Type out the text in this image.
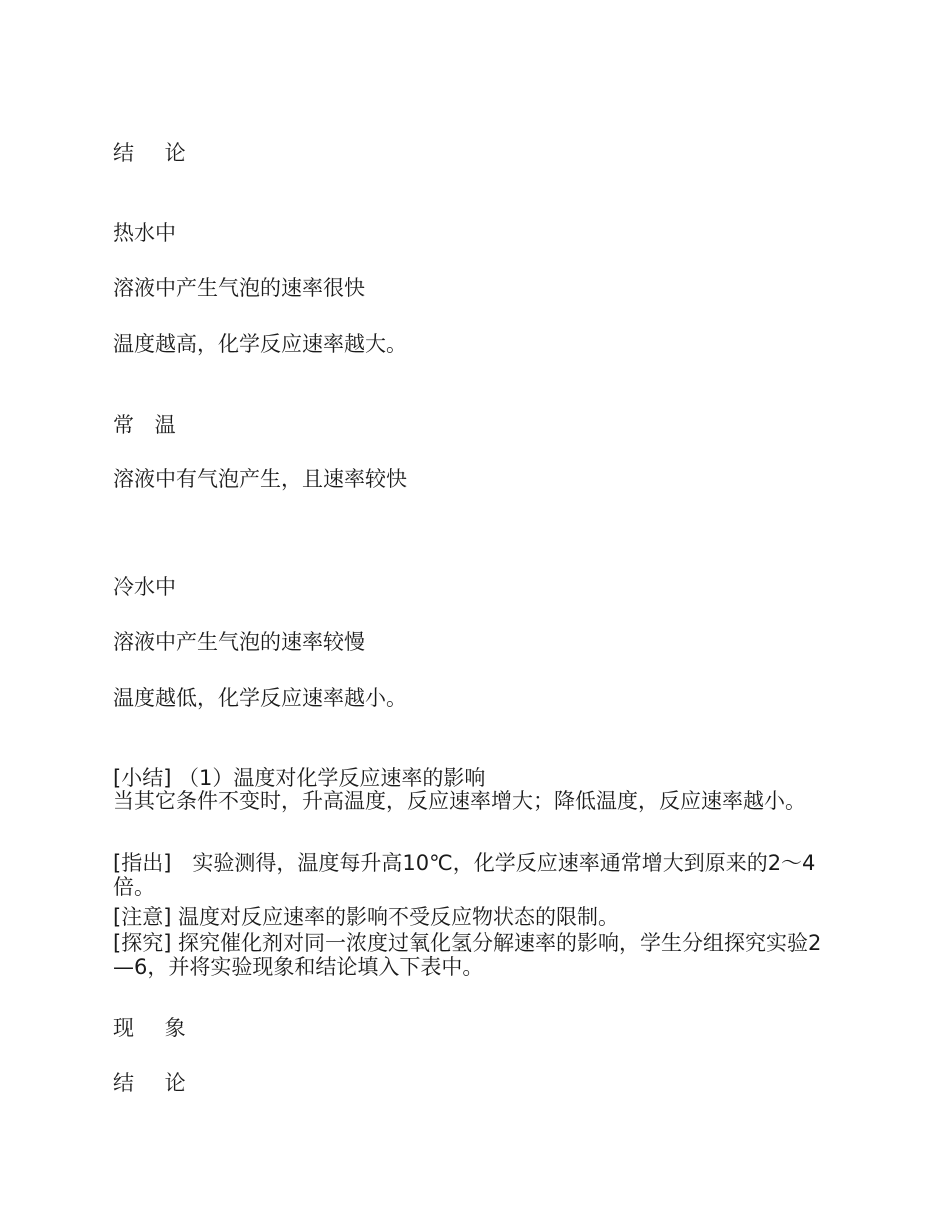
结 论
热水中
溶液中产生气泡的速率很快
温度越高，化学反应速率越大。
常 温
溶液中有气泡产生，且速率较快
冷水中
溶液中产生气泡的速率较慢
温度越低，化学反应速率越小。
[小结] （1）温度对化学反应速率的影响
当其它条件不变时，升高温度，反应速率增大；降低温度，反应速率越小。
[指出]　实验测得，温度每升高10℃，化学反应速率通常增大到原来的2～4倍。
[注意] 温度对反应速率的影响不受反应物状态的限制。
[探究] 探究催化剂对同一浓度过氧化氢分解速率的影响，学生分组探究实验2—6，并将实验现象和结论填入下表中。
现 象
结 论
